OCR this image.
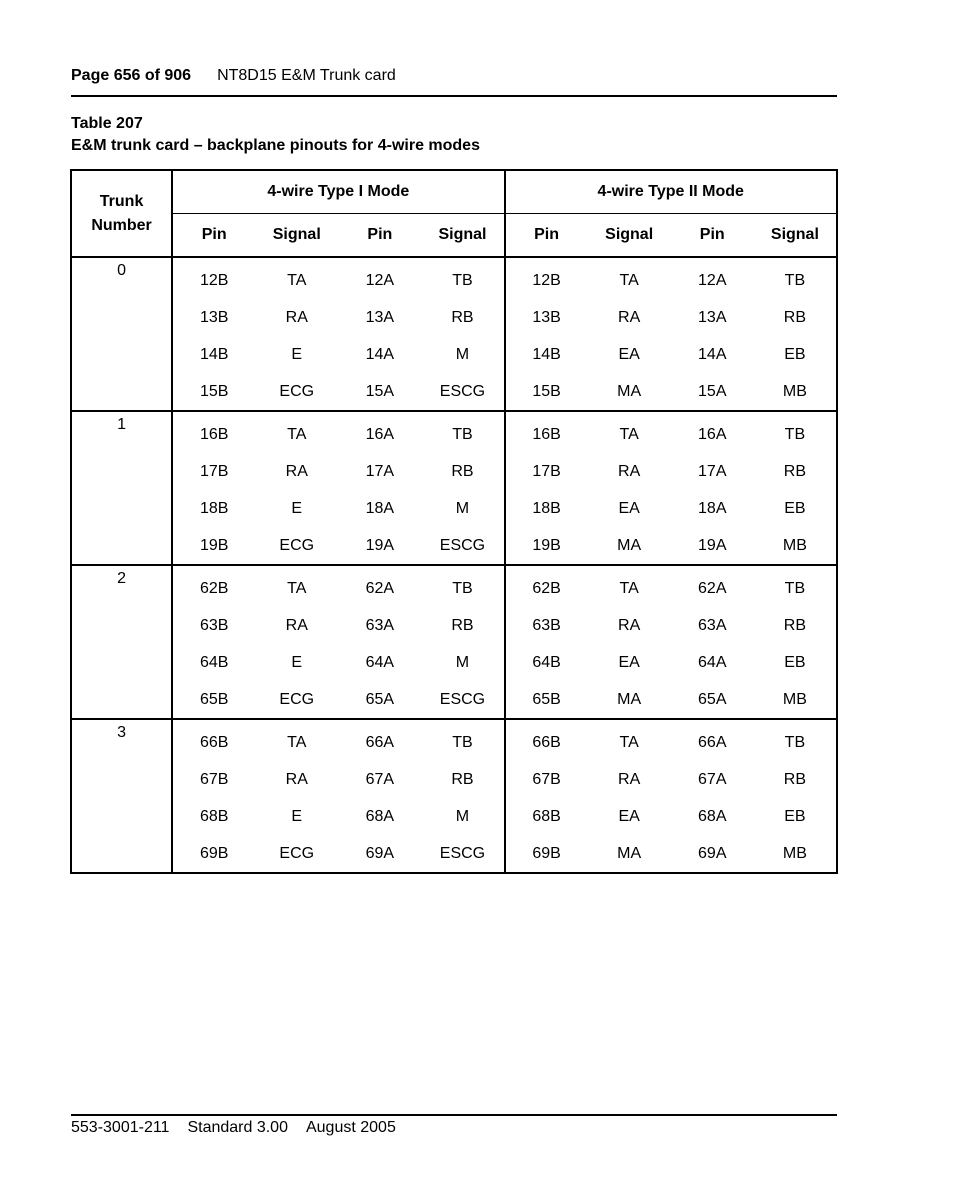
Page 656 of 906 NT8D15 E&M Trunk card
Table 207
E&M trunk card – backplane pinouts for 4-wire modes
Trunk
Number	4-wire Type I Mode				4-wire Type II Mode			
	Pin	Signal	Pin	Signal	Pin	Signal	Pin	Signal
0	12B	TA	12A	TB	12B	TA	12A	TB
	13B	RA	13A	RB	13B	RA	13A	RB
	14B	E	14A	M	14B	EA	14A	EB
	15B	ECG	15A	ESCG	15B	MA	15A	MB
1	16B	TA	16A	TB	16B	TA	16A	TB
	17B	RA	17A	RB	17B	RA	17A	RB
	18B	E	18A	M	18B	EA	18A	EB
	19B	ECG	19A	ESCG	19B	MA	19A	MB
2	62B	TA	62A	TB	62B	TA	62A	TB
	63B	RA	63A	RB	63B	RA	63A	RB
	64B	E	64A	M	64B	EA	64A	EB
	65B	ECG	65A	ESCG	65B	MA	65A	MB
3	66B	TA	66A	TB	66B	TA	66A	TB
	67B	RA	67A	RB	67B	RA	67A	RB
	68B	E	68A	M	68B	EA	68A	EB
	69B	ECG	69A	ESCG	69B	MA	69A	MB
553-3001-211 Standard 3.00 August 2005
